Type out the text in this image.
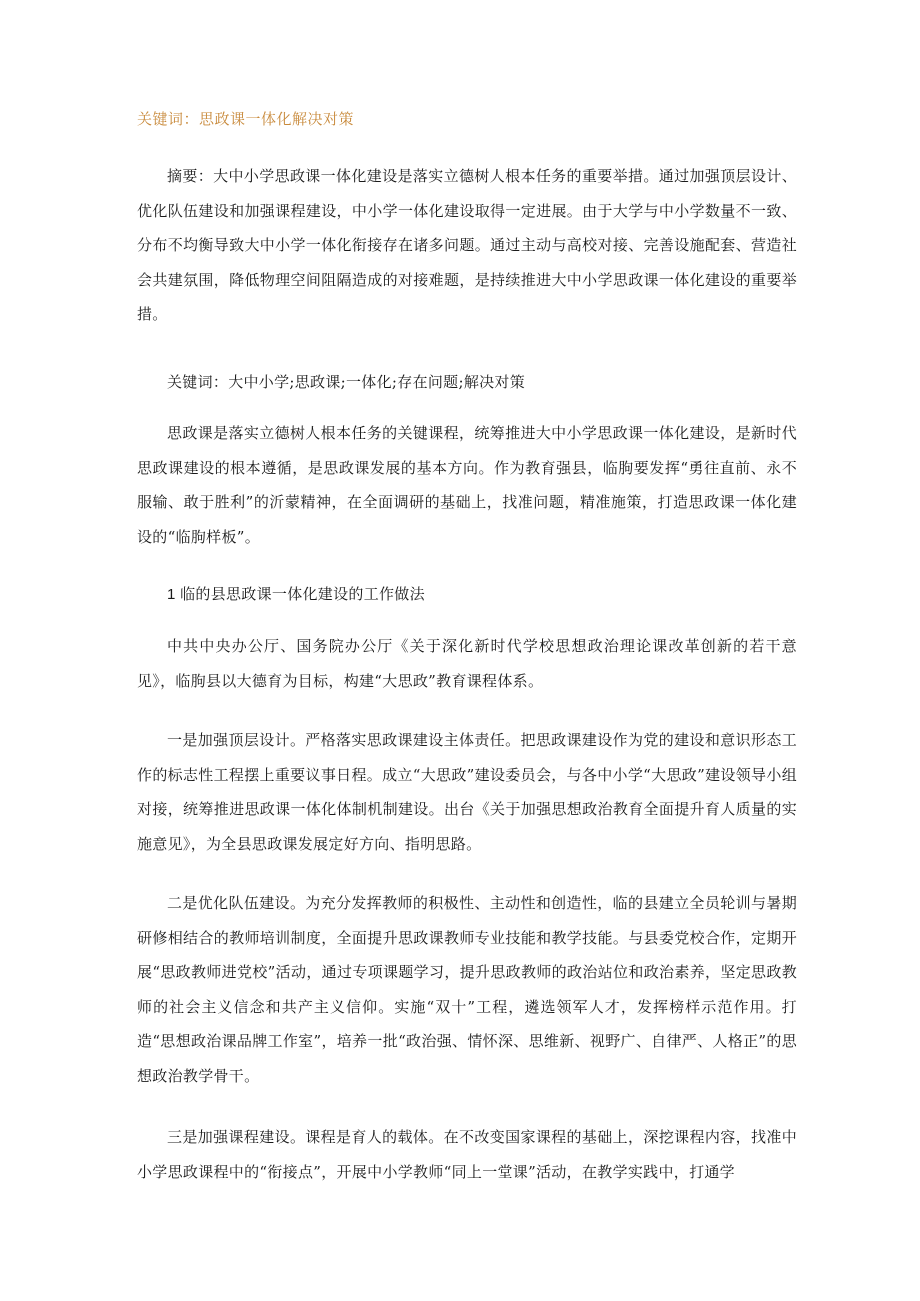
关键词：思政课一体化解决对策

摘要：大中小学思政课一体化建设是落实立德树人根本任务的重要举措。通过加强顶层设计、优化队伍建设和加强课程建设，中小学一体化建设取得一定进展。由于大学与中小学数量不一致、分布不均衡导致大中小学一体化衔接存在诸多问题。通过主动与高校对接、完善设施配套、营造社会共建氛围，降低物理空间阻隔造成的对接难题，是持续推进大中小学思政课一体化建设的重要举措。

关键词：大中小学;思政课;一体化;存在问题;解决对策

思政课是落实立德树人根本任务的关键课程，统筹推进大中小学思政课一体化建设，是新时代思政课建设的根本遵循，是思政课发展的基本方向。作为教育强县，临朐要发挥“勇往直前、永不服输、敢于胜利”的沂蒙精神，在全面调研的基础上，找准问题，精准施策，打造思政课一体化建设的“临朐样板”。

1 临的县思政课一体化建设的工作做法

中共中央办公厅、国务院办公厅《关于深化新时代学校思想政治理论课改革创新的若干意见》，临朐县以大德育为目标，构建“大思政”教育课程体系。

一是加强顶层设计。严格落实思政课建设主体责任。把思政课建设作为党的建设和意识形态工作的标志性工程摆上重要议事日程。成立“大思政”建设委员会，与各中小学“大思政”建设领导小组对接，统筹推进思政课一体化体制机制建设。出台《关于加强思想政治教育全面提升育人质量的实施意见》，为全县思政课发展定好方向、指明思路。

二是优化队伍建设。为充分发挥教师的积极性、主动性和创造性，临的县建立全员轮训与暑期研修相结合的教师培训制度，全面提升思政课教师专业技能和教学技能。与县委党校合作，定期开展“思政教师进党校”活动，通过专项课题学习，提升思政教师的政治站位和政治素养，坚定思政教师的社会主义信念和共产主义信仰。实施“双十”工程，遴选领军人才，发挥榜样示范作用。打造“思想政治课品牌工作室”，培养一批“政治强、情怀深、思维新、视野广、自律严、人格正”的思想政治教学骨干。

三是加强课程建设。课程是育人的载体。在不改变国家课程的基础上，深挖课程内容，找准中小学思政课程中的“衔接点”，开展中小学教师“同上一堂课”活动，在教学实践中，打通学
